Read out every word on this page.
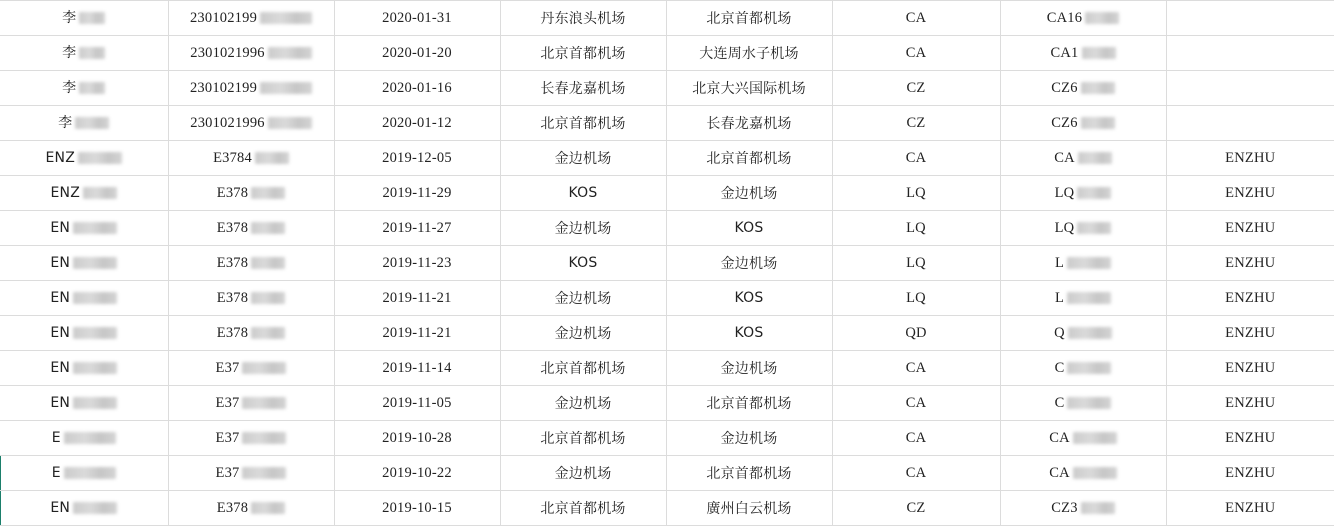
李	230102199	2020-01-31	丹东浪头机场	北京首都机场	CA	CA16	

李	2301021996	2020-01-20	北京首都机场	大连周水子机场	CA	CA1	

李	230102199	2020-01-16	长春龙嘉机场	北京大兴国际机场	CZ	CZ6	

李	2301021996	2020-01-12	北京首都机场	长春龙嘉机场	CZ	CZ6	

ENZ	E3784	2019-12-05	金边机场	北京首都机场	CA	CA	ENZHU

ENZ	E378	2019-11-29	KOS	金边机场	LQ	LQ	ENZHU

EN	E378	2019-11-27	金边机场	KOS	LQ	LQ	ENZHU

EN	E378	2019-11-23	KOS	金边机场	LQ	L	ENZHU

EN	E378	2019-11-21	金边机场	KOS	LQ	L	ENZHU

EN	E378	2019-11-21	金边机场	KOS	QD	Q	ENZHU

EN	E37	2019-11-14	北京首都机场	金边机场	CA	C	ENZHU

EN	E37	2019-11-05	金边机场	北京首都机场	CA	C	ENZHU

E	E37	2019-10-28	北京首都机场	金边机场	CA	CA	ENZHU

E	E37	2019-10-22	金边机场	北京首都机场	CA	CA	ENZHU

EN	E378	2019-10-15	北京首都机场	廣州白云机场	CZ	CZ3	ENZHU
